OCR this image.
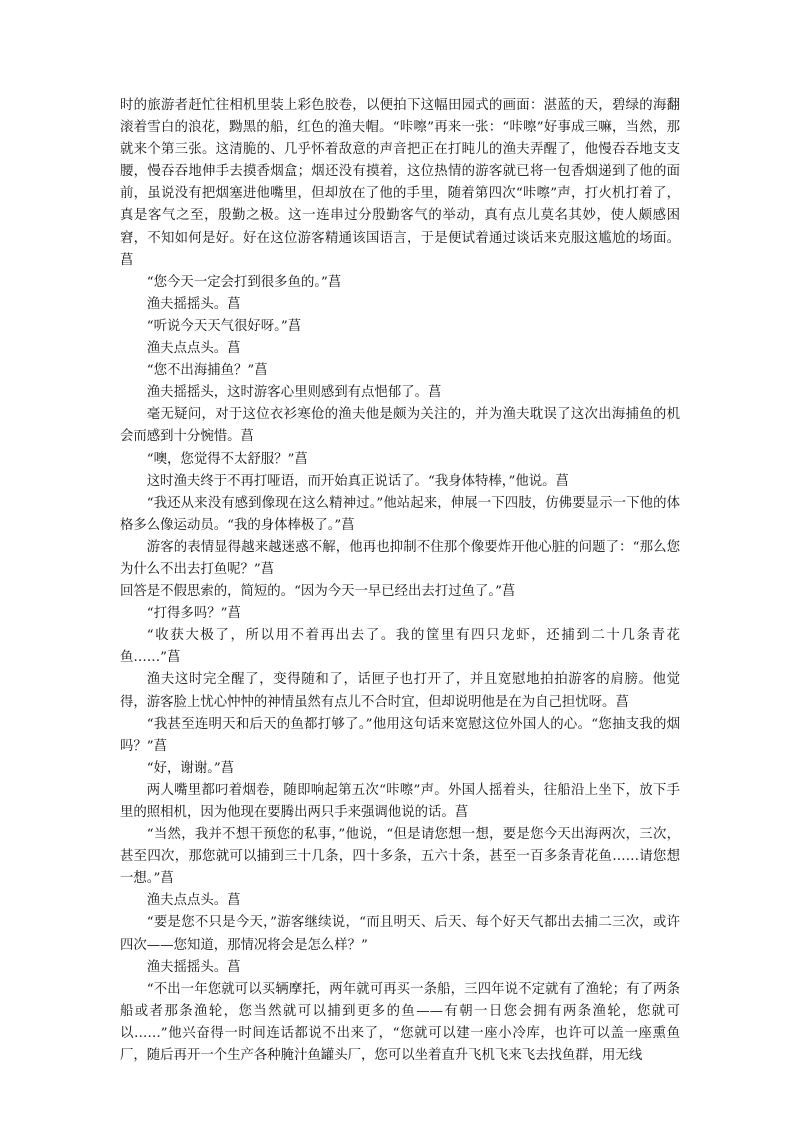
时的旅游者赶忙往相机里装上彩色胶卷，以便拍下这幅田园式的画面：湛蓝的天，碧绿的海翻滚着雪白的浪花，黝黑的船，红色的渔夫帽。“咔嚓”再来一张：“咔嚓”好事成三嘛，当然，那就来个第三张。这清脆的、几乎怀着敌意的声音把正在打盹儿的渔夫弄醒了，他慢吞吞地支支腰，慢吞吞地伸手去摸香烟盒；烟还没有摸着，这位热情的游客就已将一包香烟递到了他的面前，虽说没有把烟塞进他嘴里，但却放在了他的手里，随着第四次“咔嚓”声，打火机打着了，真是客气之至，殷勤之极。这一连串过分殷勤客气的举动，真有点儿莫名其妙，使人颇感困窘，不知如何是好。好在这位游客精通该国语言，于是便试着通过谈话来克服这尴尬的场面。菖

“您今天一定会打到很多鱼的。”菖

渔夫摇摇头。菖

“听说今天天气很好呀。”菖

渔夫点点头。菖

“您不出海捕鱼？”菖

渔夫摇摇头，这时游客心里则感到有点悒郁了。菖

毫无疑问，对于这位衣衫寒伧的渔夫他是颇为关注的，并为渔夫耽误了这次出海捕鱼的机会而感到十分惋惜。菖

“噢，您觉得不太舒服？”菖

这时渔夫终于不再打哑语，而开始真正说话了。“我身体特棒，”他说。菖

“我还从来没有感到像现在这么精神过。”他站起来，伸展一下四肢，仿佛要显示一下他的体格多么像运动员。“我的身体棒极了。”菖

游客的表情显得越来越迷惑不解，他再也抑制不住那个像要炸开他心脏的问题了：“那么您为什么不出去打鱼呢？”菖

回答是不假思索的，简短的。“因为今天一早已经出去打过鱼了。”菖

“打得多吗？”菖

“收获大极了，所以用不着再出去了。我的筐里有四只龙虾，还捕到二十几条青花鱼……”菖

渔夫这时完全醒了，变得随和了，话匣子也打开了，并且宽慰地拍拍游客的肩膀。他觉得，游客脸上忧心忡忡的神情虽然有点儿不合时宜，但却说明他是在为自己担忧呀。菖

“我甚至连明天和后天的鱼都打够了。”他用这句话来宽慰这位外国人的心。“您抽支我的烟吗？”菖

“好，谢谢。”菖

两人嘴里都叼着烟卷，随即响起第五次“咔嚓”声。外国人摇着头，往船沿上坐下，放下手里的照相机，因为他现在要腾出两只手来强调他说的话。菖

“当然，我并不想干预您的私事，”他说，“但是请您想一想，要是您今天出海两次，三次，甚至四次，那您就可以捕到三十几条，四十多条，五六十条，甚至一百多条青花鱼……请您想一想。”菖

渔夫点点头。菖

“要是您不只是今天，”游客继续说，“而且明天、后天、每个好天气都出去捕二三次，或许四次——您知道，那情况将会是怎么样？”

渔夫摇摇头。菖

“不出一年您就可以买辆摩托，两年就可再买一条船，三四年说不定就有了渔轮；有了两条船或者那条渔轮，您当然就可以捕到更多的鱼——有朝一日您会拥有两条渔轮，您就可以……”他兴奋得一时间连话都说不出来了，“您就可以建一座小冷库，也许可以盖一座熏鱼厂，随后再开一个生产各种腌汁鱼罐头厂，您可以坐着直升飞机飞来飞去找鱼群，用无线
